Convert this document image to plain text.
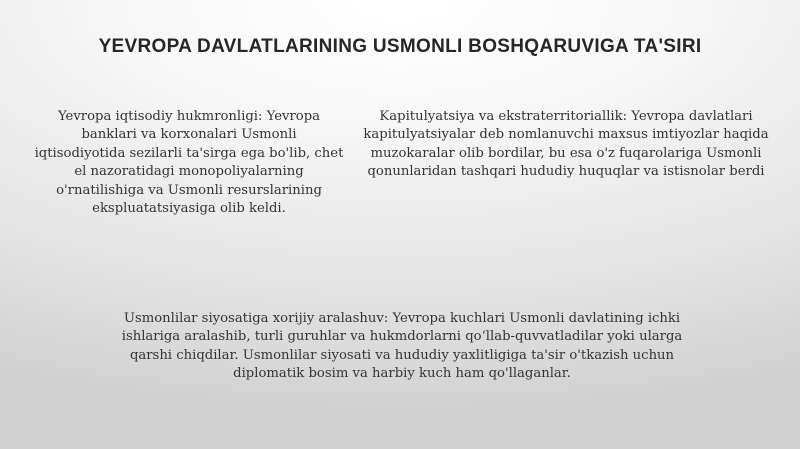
YEVROPA DAVLATLARINING USMONLI BOSHQARUVIGA TA'SIRI

Yevropa iqtisodiy hukmronligi: Yevropa banklari va korxonalari Usmonli iqtisodiyotida sezilarli ta'sirga ega bo'lib, chet el nazoratidagi monopoliyalarning o'rnatilishiga va Usmonli resurslarining ekspluatatsiyasiga olib keldi.

Kapitulyatsiya va ekstraterritoriallik: Yevropa davlatlari kapitulyatsiyalar deb nomlanuvchi maxsus imtiyozlar haqida muzokaralar olib bordilar, bu esa o'z fuqarolariga Usmonli qonunlaridan tashqari hududiy huquqlar va istisnolar berdi

Usmonlilar siyosatiga xorijiy aralashuv: Yevropa kuchlari Usmonli davlatining ichki ishlariga aralashib, turli guruhlar va hukmdorlarni qo‘llab-quvvatladilar yoki ularga qarshi chiqdilar. Usmonlilar siyosati va hududiy yaxlitligiga ta'sir o'tkazish uchun diplomatik bosim va harbiy kuch ham qo'llaganlar.
